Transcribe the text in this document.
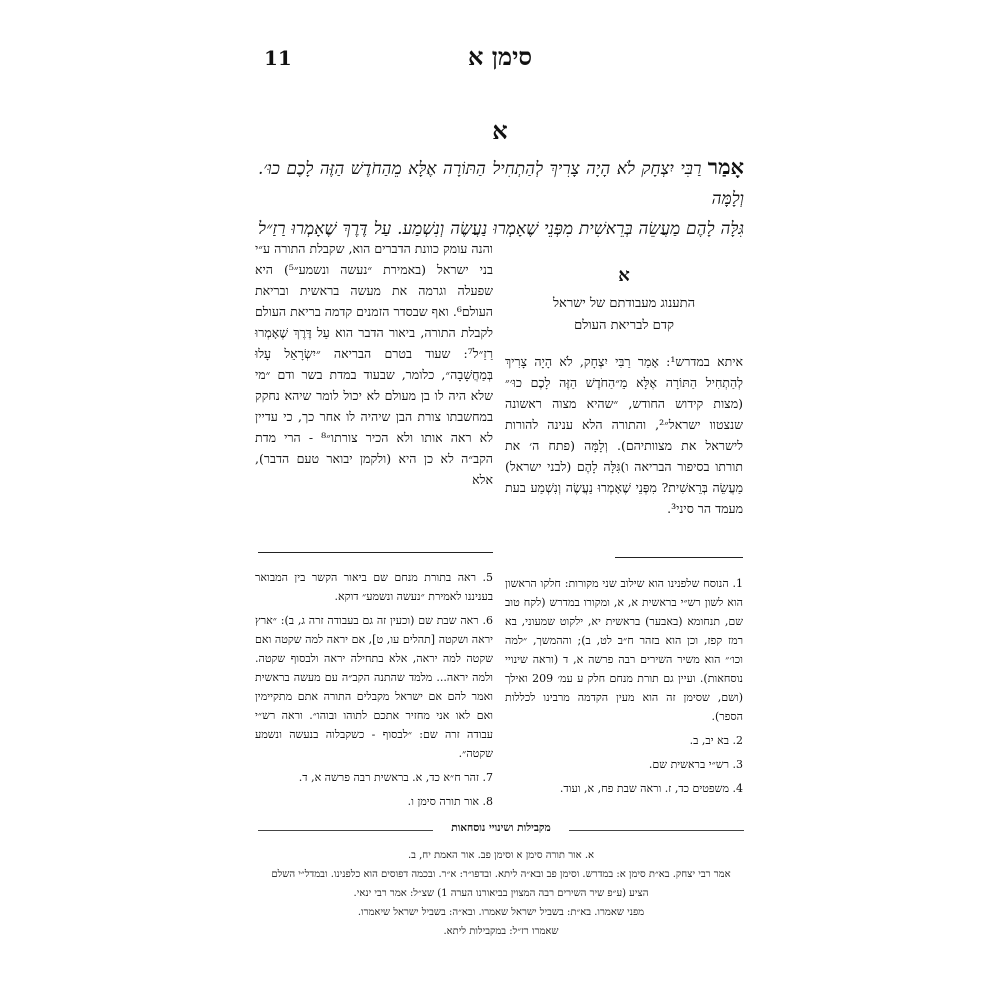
סימן א
11
א
אָמַר רַבִּי יִצְחָק לֹא הָיָה צָרִיךְ לְהַתְחִיל הַתּוֹרָה אֶלָּא מֵהַחֹדֶשׁ הַזֶּה לָכֶם כוּ׳. וְלָמָּה
גִּלָּה לָהֶם מַעֲשֵׂה בְּרֵאשִׁית מִפְּנֵי שֶׁאָמְרוּ נַעֲשֶׂה וְנִשְׁמַע. עַל דֶּרֶךְ שֶׁאָמְרוּ רַזַ״ל
א
התענוג מעבודתם של ישראל
קדם לבריאת העולם
איתא במדרש¹: אָמַר רַבִּי יִצְחָק, לֹא הָיָה צָרִיךְ לְהַתְחִיל הַתּוֹרָה אֶלָּא מֵ״הַחֹדֶשׁ הַזֶּה לָכֶם כוּ׳״ (מצות קידוש החודש, ״שהיא מצוה ראשונה שנצטוו ישראל״², והתורה הלא ענינה להורות לישראל את מצוותיהם). וְלָמָּה (פתח ה׳ את תורתו בסיפור הבריאה ו)גִּלָּה לָהֶם (לבני ישראל) מַעֲשֵׂה בְּרֵאשִׁית? מִפְּנֵי שֶׁאָמְרוּ נַעֲשֶׂה וְנִשְׁמַע בעת מעמד הר סיני³.
והנה עומק כוונת הדברים הוא, שקבלת התורה ע״י בני ישראל (באמירת ״נעשה ונשמע״⁵) היא שפעלה וגרמה את מעשה בראשית ובריאת העולם⁶. ואף שבסדר הזמנים קדמה בריאת העולם לקבלת התורה, ביאור הדבר הוא עַל דֶּרֶךְ שֶׁאָמְרוּ רַזַ״ל⁷: שעוד בטרם הבריאה ״יִשְׂרָאֵל עָלוּ בְּמַחֲשָׁבָה״, כלומר, שבעוד במדת בשר ודם ״מי שלא היה לו בן מעולם לא יכול לומר שיהא נחקק במחשבתו צורת הבן שיהיה לו אחר כך, כי עדיין לא ראה אותו ולא הכיר צורתו״⁸ - הרי מדת הקב״ה לא כן היא (ולקמן יבואר טעם הדבר), אלא
1. הנוסח שלפנינו הוא שילוב שני מקורות: חלקו הראשון הוא לשון רש״י בראשית א, א, ומקורו במדרש (לקח טוב שם, תנחומא (באבער) בראשית יא, ילקוט שמעוני, בא רמז קפז, וכן הוא בזהר ח״ב לט, ב); וההמשך, ״למה וכו׳״ הוא משיר השירים רבה פרשה א, ד (וראה שינויי נוסחאות). ועיין גם תורת מנחם חלק ע עמ׳ 209 ואילך (ושם, שסימן זה הוא מעין הקדמה מרבינו לכללות הספר).
2. בא יב, ב.
3. רש״י בראשית שם.
4. משפטים כד, ז. וראה שבת פח, א, ועוד.
5. ראה בתורת מנחם שם ביאור הקשר בין המבואר בעניננו לאמירת ״נעשה ונשמע״ דוקא.
6. ראה שבת שם (וכעין זה גם בעבודה זרה ג, ב): ״ארץ יראה ושקטה [תהלים עו, ט], אם יראה למה שקטה ואם שקטה למה יראה, אלא בתחילה יראה ולבסוף שקטה. ולמה יראה... מלמד שהתנה הקב״ה עם מעשה בראשית ואמר להם אם ישראל מקבלים התורה אתם מתקיימין ואם לאו אני מחזיר אתכם לתוהו ובוהו״. וראה רש״י עבודה זרה שם: ״לבסוף - כשקבלוה בנעשה ונשמע שקטה״.
7. זהר ח״א כד, א. בראשית רבה פרשה א, ד.
8. אור תורה סימן ו.
מקבילות ושינויי נוסחאות
א. אור תורה סימן א וסימן פב. אור האמת יח, ב.
אמר רבי יצחק. בא״ת סימן א: במדרש. וסימן פב ובא״ה ליתא. ובדפו״ר: א״ר. ובכמה דפוסים הוא כלפנינו. ובמדל״י השלם
הציע (ע״פ שיר השירים רבה המצוין בביאורנו הערה 1) שצ״ל: אמר רבי ינאי.
מפני שאמרו. בא״ת: בשביל ישראל שאמרו. ובא״ה: בשביל ישראל שיאמרו.
שאמרו רז״ל: במקבילות ליתא.
